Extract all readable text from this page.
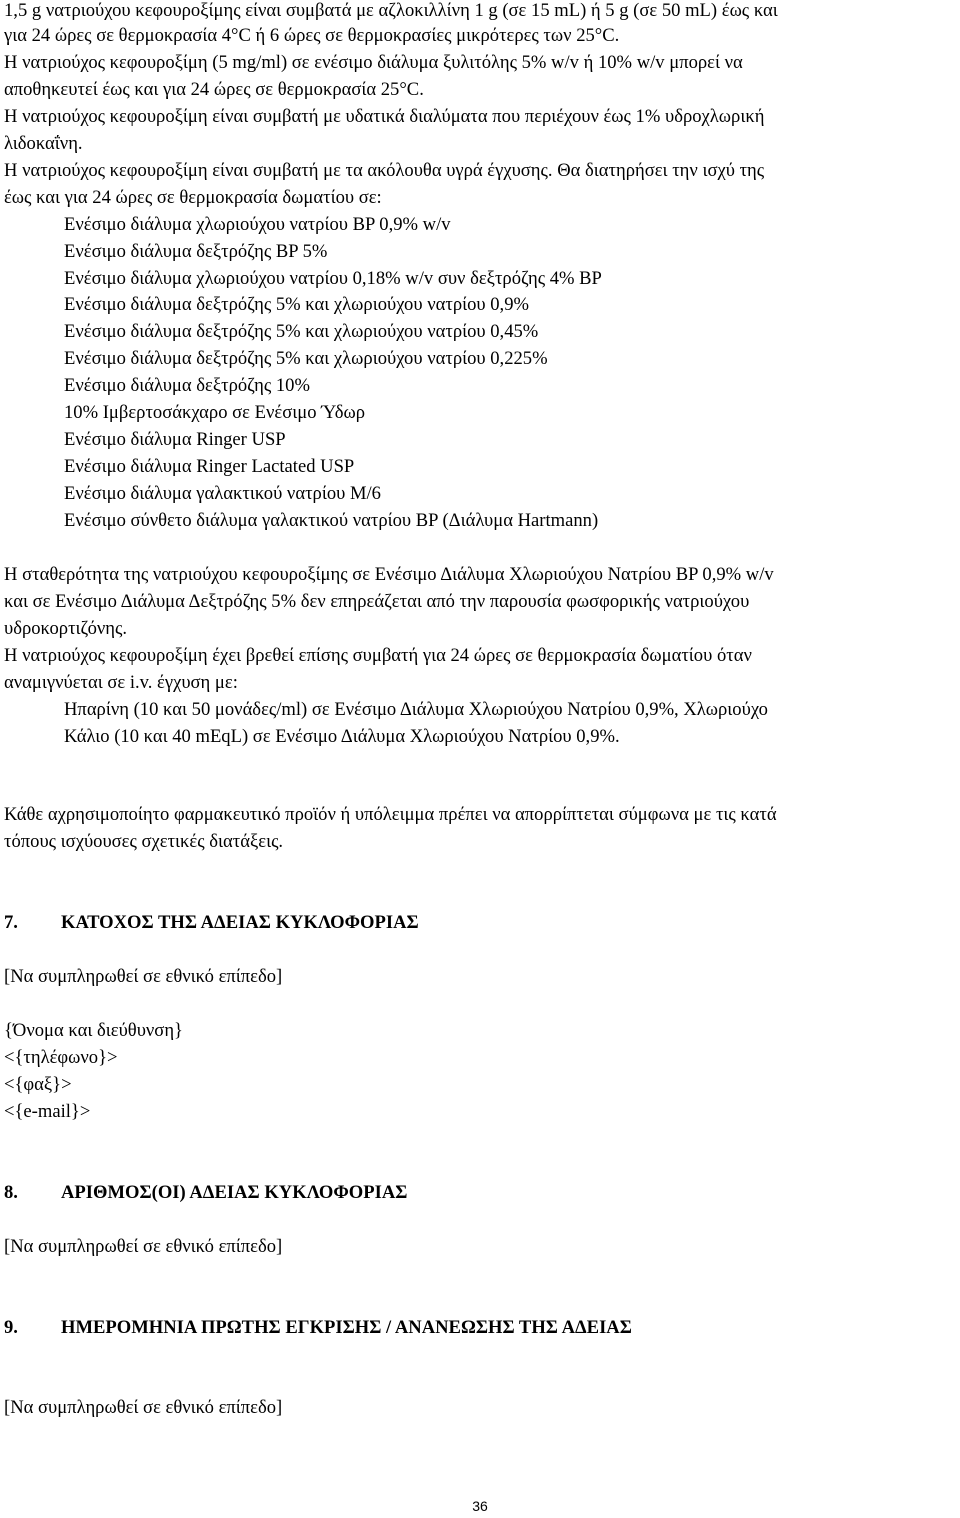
1,5 g νατριούχου κεφουροξίμης είναι συμβατά με αζλοκιλλίνη 1 g (σε 15 mL) ή 5 g (σε 50 mL) έως και
για 24 ώρες σε θερμοκρασία 4°C ή 6 ώρες σε θερμοκρασίες μικρότερες των 25°C.
Η νατριούχος κεφουροξίμη (5 mg/ml) σε ενέσιμο διάλυμα ξυλιτόλης 5% w/v ή 10% w/v μπορεί να
αποθηκευτεί έως και για 24 ώρες σε θερμοκρασία 25°C.
Η νατριούχος κεφουροξίμη είναι συμβατή με υδατικά διαλύματα που περιέχουν έως 1% υδροχλωρική
λιδοκαΐνη.
Η νατριούχος κεφουροξίμη είναι συμβατή με τα ακόλουθα υγρά έγχυσης. Θα διατηρήσει την ισχύ της
έως και για 24 ώρες σε θερμοκρασία δωματίου σε:
Ενέσιμο διάλυμα χλωριούχου νατρίου BP 0,9% w/v
Ενέσιμο διάλυμα δεξτρόζης BP 5%
Ενέσιμο διάλυμα χλωριούχου νατρίου 0,18% w/v συν δεξτρόζης 4% BP
Ενέσιμο διάλυμα δεξτρόζης 5% και χλωριούχου νατρίου 0,9%
Ενέσιμο διάλυμα δεξτρόζης 5% και χλωριούχου νατρίου 0,45%
Ενέσιμο διάλυμα δεξτρόζης 5% και χλωριούχου νατρίου 0,225%
Ενέσιμο διάλυμα δεξτρόζης 10%
10% Ιμβερτοσάκχαρο σε Ενέσιμο Ύδωρ
Ενέσιμο διάλυμα Ringer USP
Ενέσιμο διάλυμα Ringer Lactated USP
Ενέσιμο διάλυμα γαλακτικού νατρίου M/6
Ενέσιμο σύνθετο διάλυμα γαλακτικού νατρίου BP (Διάλυμα Hartmann)
Η σταθερότητα της νατριούχου κεφουροξίμης σε Ενέσιμο Διάλυμα Χλωριούχου Νατρίου BP 0,9% w/v
και σε Ενέσιμο Διάλυμα Δεξτρόζης 5% δεν επηρεάζεται από την παρουσία φωσφορικής νατριούχου
υδροκορτιζόνης.
Η νατριούχος κεφουροξίμη έχει βρεθεί επίσης συμβατή για 24 ώρες σε θερμοκρασία δωματίου όταν
αναμιγνύεται σε i.v. έγχυση με:
Ηπαρίνη (10 και 50 μονάδες/ml) σε Ενέσιμο Διάλυμα Χλωριούχου Νατρίου 0,9%, Χλωριούχο
Κάλιο (10 και 40 mEqL) σε Ενέσιμο Διάλυμα Χλωριούχου Νατρίου 0,9%.
Κάθε αχρησιμοποίητο φαρμακευτικό προϊόν ή υπόλειμμα πρέπει να απορρίπτεται σύμφωνα με τις κατά
τόπους ισχύουσες σχετικές διατάξεις.
7. ΚΑΤΟΧΟΣ ΤΗΣ ΑΔΕΙΑΣ ΚΥΚΛΟΦΟΡΙΑΣ
[Να συμπληρωθεί σε εθνικό επίπεδο]
{Όνομα και διεύθυνση}
<{τηλέφωνο}>
<{φαξ}>
<{e-mail}>
8. ΑΡΙΘΜΟΣ(ΟΙ) ΑΔΕΙΑΣ ΚΥΚΛΟΦΟΡΙΑΣ
[Να συμπληρωθεί σε εθνικό επίπεδο]
9. ΗΜΕΡΟΜΗΝΙΑ ΠΡΩΤΗΣ ΕΓΚΡΙΣΗΣ / ΑΝΑΝΕΩΣΗΣ ΤΗΣ ΑΔΕΙΑΣ
[Να συμπληρωθεί σε εθνικό επίπεδο]
36
